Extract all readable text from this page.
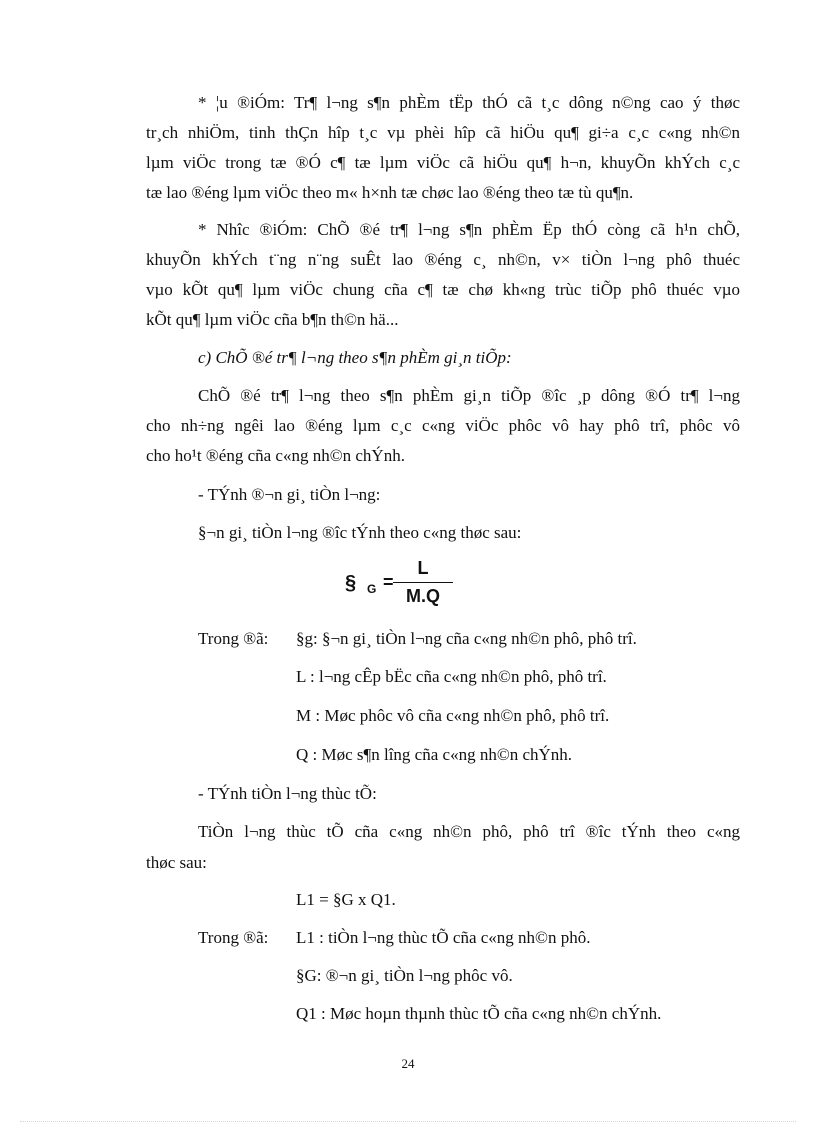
* ¦u ®iÓm: Tr¶ l¬ng s¶n phÈm tËp thÓ cã t¸c dông n©ng cao ý thøc
tr¸ch nhiÖm, tinh thÇn hîp t¸c vµ phèi hîp cã hiÖu qu¶ gi÷a c¸c c«ng nh©n
lµm viÖc trong tæ ®Ó c¶ tæ lµm viÖc cã hiÖu qu¶ h¬n, khuyÕn khÝch c¸c
tæ lao ®éng lµm viÖc theo m« h×nh tæ chøc lao ®éng theo tæ tù qu¶n.
* Nhîc ®iÓm: ChÕ ®é tr¶ l¬ng s¶n phÈm Ëp thÓ còng cã h¹n chÕ,
khuyÕn khÝch t¨ng n¨ng suÊt lao ®éng c¸ nh©n, v× tiÒn l¬ng phô thuéc
vµo kÕt qu¶ lµm viÖc chung cña c¶ tæ chø kh«ng trùc tiÕp phô thuéc vµo
kÕt qu¶ lµm viÖc cña b¶n th©n hä...
c) ChÕ ®é tr¶ l¬ng theo s¶n phÈm gi¸n tiÕp:
ChÕ ®é tr¶ l¬ng theo s¶n phÈm gi¸n tiÕp ®îc ¸p dông ®Ó tr¶ l¬ng
cho nh÷ng ngêi lao ®éng lµm c¸c c«ng viÖc phôc vô hay phô trî, phôc vô
cho ho¹t ®éng cña c«ng nh©n chÝnh.
- TÝnh ®¬n gi¸ tiÒn l¬ng:
§¬n gi¸ tiÒn l¬ng ®îc tÝnh theo c«ng thøc sau:
§ G =
L
M.Q
Trong ®ã: §g: §¬n gi¸ tiÒn l¬ng cña c«ng nh©n phô, phô trî.
L : l¬ng cÊp bËc cña c«ng nh©n phô, phô trî.
M : Møc phôc vô cña c«ng nh©n phô, phô trî.
Q : Møc s¶n lîng cña c«ng nh©n chÝnh.
- TÝnh tiÒn l¬ng thùc tÕ:
TiÒn l¬ng thùc tÕ cña c«ng nh©n phô, phô trî ®îc tÝnh theo c«ng
thøc sau:
L1 = §G x Q1.
Trong ®ã: L1 : tiÒn l¬ng thùc tÕ cña c«ng nh©n phô.
§G: ®¬n gi¸ tiÒn l¬ng phôc vô.
Q1 : Møc hoµn thµnh thùc tÕ cña c«ng nh©n chÝnh.
24
